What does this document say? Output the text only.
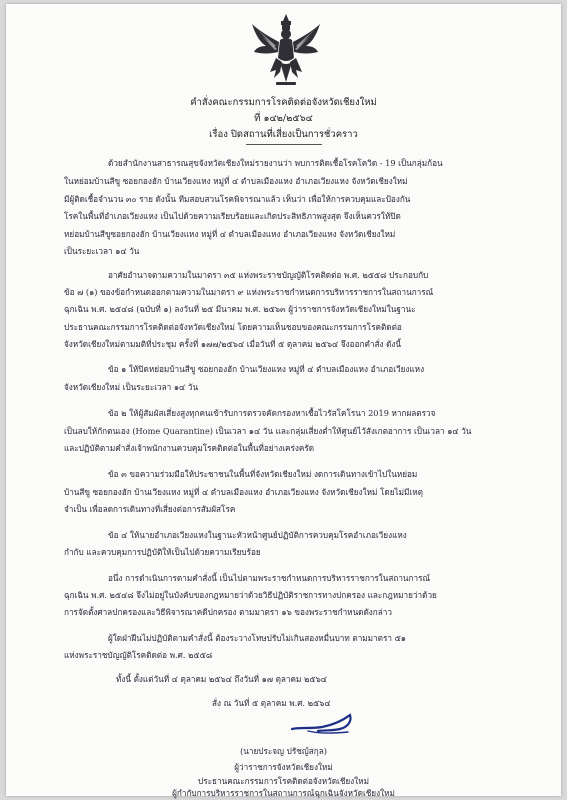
คำสั่งคณะกรรมการโรคติดต่อจังหวัดเชียงใหม่
ที่ ๑๔๒/๒๕๖๔
เรื่อง ปิดสถานที่เสี่ยงเป็นการชั่วคราว
ด้วยสำนักงานสาธารณสุขจังหวัดเชียงใหม่รายงานว่า พบการติดเชื้อโรคโควิด - 19 เป็นกลุ่มก้อน
ในหย่อมบ้านสีขู ซอยกองฮัก บ้านเวียงแหง หมู่ที่ ๔ ตำบลเมืองแหง อำเภอเวียงแหง จังหวัดเชียงใหม่
มีผู้ติดเชื้อจำนวน ๓๐ ราย ดังนั้น ทีมสอบสวนโรคพิจารณาแล้ว เห็นว่า เพื่อให้การควบคุมและป้องกัน
โรคในพื้นที่อำเภอเวียงแหง เป็นไปด้วยความเรียบร้อยและเกิดประสิทธิภาพสูงสุด จึงเห็นควรให้ปิด
หย่อมบ้านสีขูซอยกองฮัก บ้านเวียงแหง หมู่ที่ ๔ ตำบลเมืองแหง อำเภอเวียงแหง จังหวัดเชียงใหม่
เป็นระยะเวลา ๑๔ วัน
อาศัยอำนาจตามความในมาตรา ๓๕ แห่งพระราชบัญญัติโรคติดต่อ พ.ศ. ๒๕๕๘ ประกอบกับ
ข้อ ๗ (๑) ของข้อกำหนดออกตามความในมาตรา ๙ แห่งพระราชกำหนดการบริหารราชการในสถานการณ์
ฉุกเฉิน พ.ศ. ๒๕๔๘ (ฉบับที่ ๑) ลงวันที่ ๒๕ มีนาคม พ.ศ. ๒๕๖๓ ผู้ว่าราชการจังหวัดเชียงใหม่ในฐานะ
ประธานคณะกรรมการโรคติดต่อจังหวัดเชียงใหม่ โดยความเห็นชอบของคณะกรรมการโรคติดต่อ
จังหวัดเชียงใหม่ตามมติที่ประชุม ครั้งที่ ๑๗๗/๒๕๖๔ เมื่อวันที่ ๕ ตุลาคม ๒๕๖๔ จึงออกคำสั่ง ดังนี้
ข้อ ๑ ให้ปิดหย่อมบ้านสีขู ซอยกองฮัก บ้านเวียงแหง หมู่ที่ ๔ ตำบลเมืองแหง อำเภอเวียงแหง
จังหวัดเชียงใหม่ เป็นระยะเวลา ๑๔ วัน
ข้อ ๒ ให้ผู้สัมผัสเสี่ยงสูงทุกคนเข้ารับการตรวจคัดกรองหาเชื้อไวรัสโคโรนา 2019 หากผลตรวจ
เป็นลบให้กักตนเอง (Home Quarantine) เป็นเวลา ๑๔ วัน และกลุ่มเสี่ยงต่ำให้ศูนย์ไวัสังเกตอาการ เป็นเวลา ๑๔ วัน
และปฏิบัติตามคำสั่งเจ้าพนักงานควบคุมโรคติดต่อในพื้นที่อย่างเคร่งครัด
ข้อ ๓ ขอความร่วมมือให้ประชาชนในพื้นที่จังหวัดเชียงใหม่ งดการเดินทางเข้าไปในหย่อม
บ้านสีขู ซอยกองฮัก บ้านเวียงแหง หมู่ที่ ๔ ตำบลเมืองแหง อำเภอเวียงแหง จังหวัดเชียงใหม่ โดยไม่มีเหตุ
จำเป็น เพื่อลดการเดินทางที่เสี่ยงต่อการสัมผัสโรค
ข้อ ๔ ให้นายอำเภอเวียงแหงในฐานะหัวหน้าศูนย์ปฏิบัติการควบคุมโรคอำเภอเวียงแหง
กำกับ และควบคุมการปฏิบัติให้เป็นไปด้วยความเรียบร้อย
อนึ่ง การดำเนินการตามคำสั่งนี้ เป็นไปตามพระราชกำหนดการบริหารราชการในสถานการณ์
ฉุกเฉิน พ.ศ. ๒๕๔๘ จึงไม่อยู่ในบังคับของกฎหมายว่าด้วยวิธีปฏิบัติราชการทางปกครอง และกฎหมายว่าด้วย
การจัดตั้งศาลปกครองและวิธีพิจารณาคดีปกครอง ตามมาตรา ๑๖ ของพระราชกำหนดดังกล่าว
ผู้ใดฝ่าฝืนไม่ปฏิบัติตามคำสั่งนี้ ต้องระวางโทษปรับไม่เกินสองหมื่นบาท ตามมาตรา ๕๑
แห่งพระราชบัญญัติโรคติดต่อ พ.ศ. ๒๕๕๘
ทั้งนี้ ตั้งแต่วันที่ ๔ ตุลาคม ๒๕๖๔ ถึงวันที่ ๑๗ ตุลาคม ๒๕๖๔
สั่ง ณ วันที่ ๕ ตุลาคม พ.ศ. ๒๕๖๔
(นายประจญ ปรัชญ์สกุล)
ผู้ว่าราชการจังหวัดเชียงใหม่
ประธานคณะกรรมการโรคติดต่อจังหวัดเชียงใหม่
ผู้กำกับการบริหารราชการในสถานการณ์ฉุกเฉินจังหวัดเชียงใหม่
